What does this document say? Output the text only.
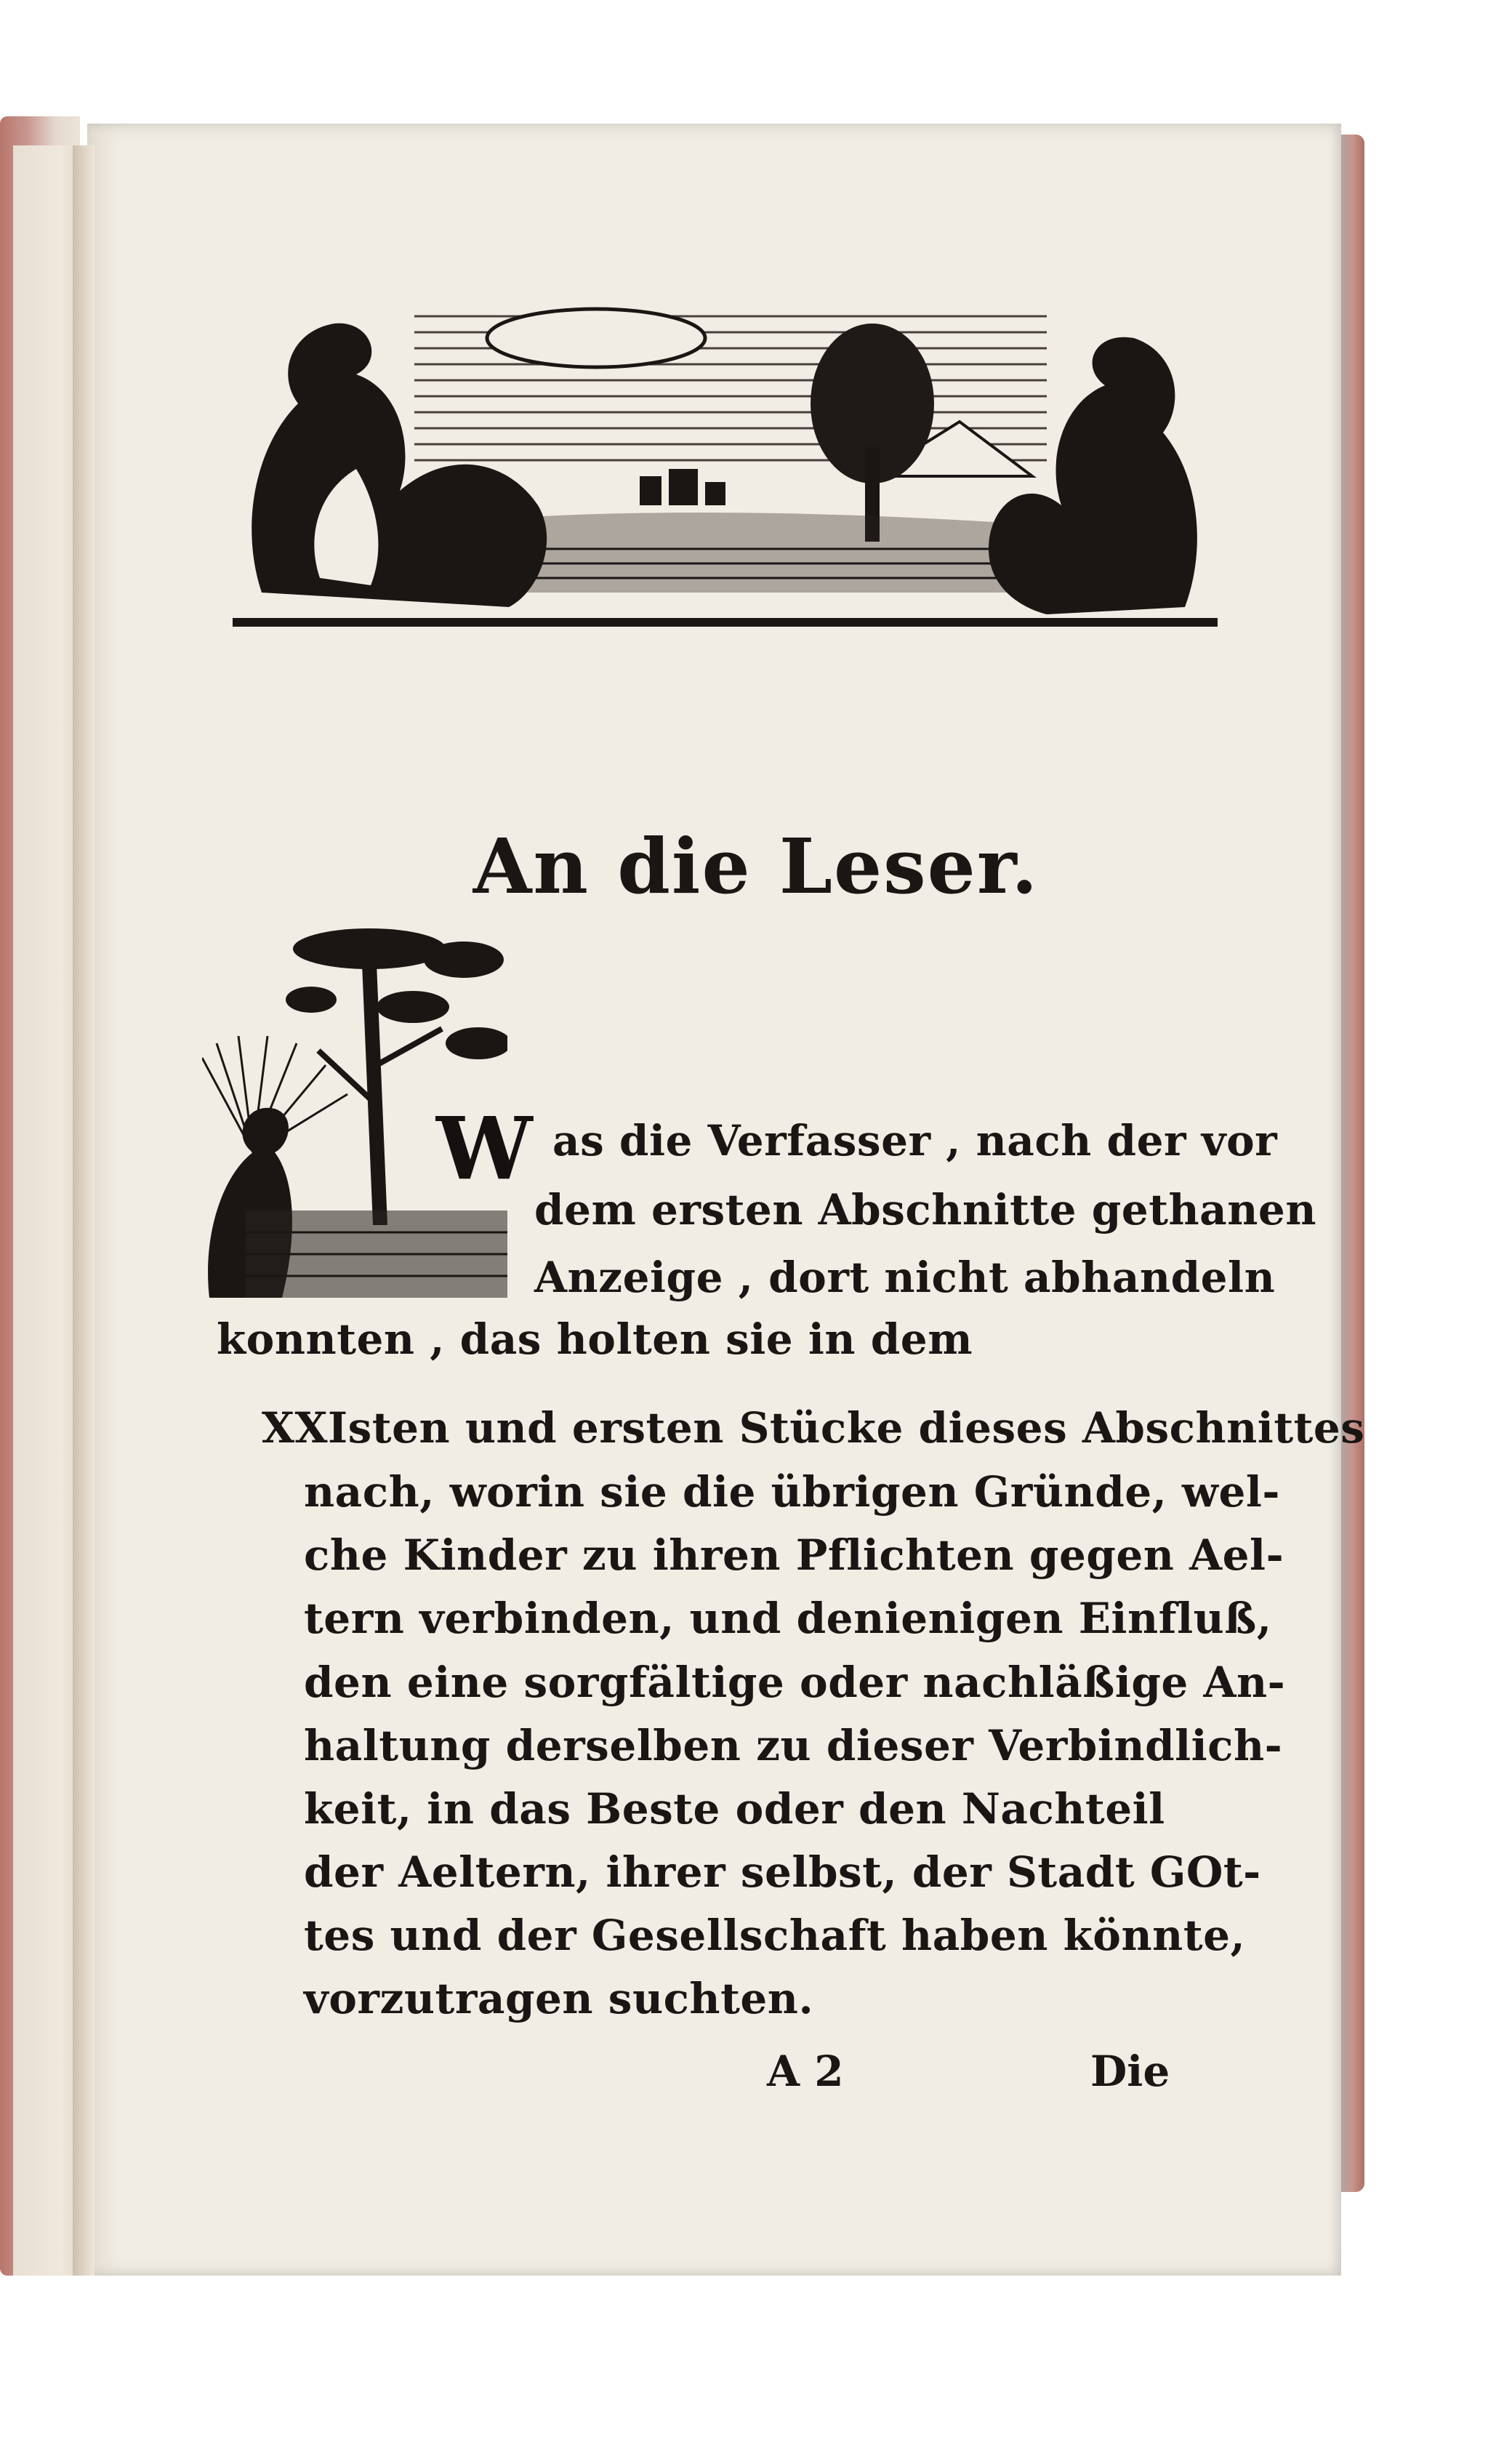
An die Leser.
W as die Verfasser , nach der vor
dem ersten Abschnitte gethanen
Anzeige , dort nicht abhandeln
konnten , das holten sie in dem
XXIsten und ersten Stücke dieses Abschnittes
nach, worin sie die übrigen Gründe, wel-
che Kinder zu ihren Pflichten gegen Ael-
tern verbinden, und denienigen Einfluß,
den eine sorgfältige oder nachläßige An-
haltung derselben zu dieser Verbindlich-
keit, in das Beste oder den Nachteil
der Aeltern, ihrer selbst, der Stadt GOt-
tes und der Gesellschaft haben könnte,
vorzutragen suchten.
A 2	Die
